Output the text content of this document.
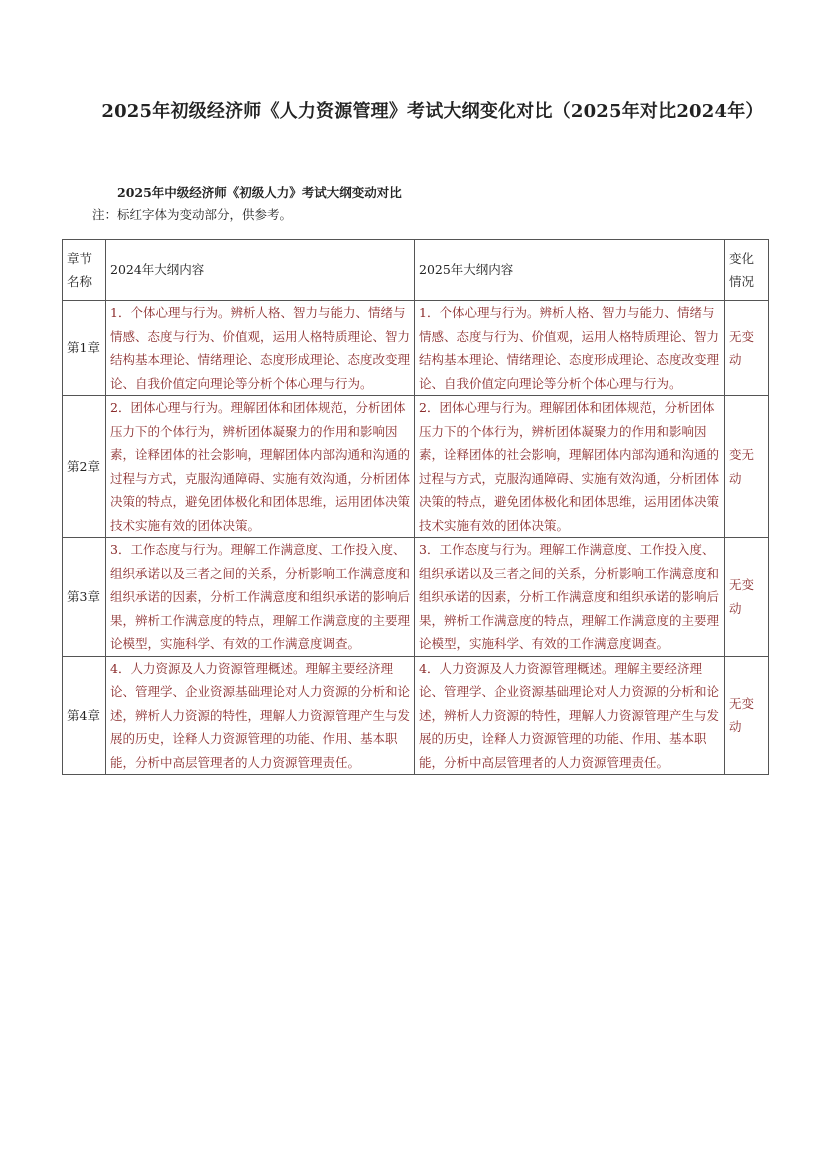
2025年初级经济师《人力资源管理》考试大纲变化对比（2025年对比2024年）
2025年中级经济师《初级人力》考试大纲变动对比
注：标红字体为变动部分，供参考。
章节名称	2024年大纲内容	2025年大纲内容	变化情况
第1章	1．个体心理与行为。辨析人格、智力与能力、情绪与情感、态度与行为、价值观，运用人格特质理论、智力结构基本理论、情绪理论、态度形成理论、态度改变理论、自我价值定向理论等分析个体心理与行为。	1．个体心理与行为。辨析人格、智力与能力、情绪与情感、态度与行为、价值观，运用人格特质理论、智力结构基本理论、情绪理论、态度形成理论、态度改变理论、自我价值定向理论等分析个体心理与行为。	无变动
第2章	2．团体心理与行为。理解团体和团体规范，分析团体压力下的个体行为，辨析团体凝聚力的作用和影响因素，诠释团体的社会影响，理解团体内部沟通和沟通的过程与方式，克服沟通障碍、实施有效沟通，分析团体决策的特点，避免团体极化和团体思维，运用团体决策技术实施有效的团体决策。	2．团体心理与行为。理解团体和团体规范，分析团体压力下的个体行为，辨析团体凝聚力的作用和影响因素，诠释团体的社会影响，理解团体内部沟通和沟通的过程与方式，克服沟通障碍、实施有效沟通，分析团体决策的特点，避免团体极化和团体思维，运用团体决策技术实施有效的团体决策。	变无动
第3章	3．工作态度与行为。理解工作满意度、工作投入度、组织承诺以及三者之间的关系，分析影响工作满意度和组织承诺的因素，分析工作满意度和组织承诺的影响后果，辨析工作满意度的特点，理解工作满意度的主要理论模型，实施科学、有效的工作满意度调查。	3．工作态度与行为。理解工作满意度、工作投入度、组织承诺以及三者之间的关系，分析影响工作满意度和组织承诺的因素，分析工作满意度和组织承诺的影响后果，辨析工作满意度的特点，理解工作满意度的主要理论模型，实施科学、有效的工作满意度调查。	无变动
第4章	4．人力资源及人力资源管理概述。理解主要经济理论、管理学、企业资源基础理论对人力资源的分析和论述，辨析人力资源的特性，理解人力资源管理产生与发展的历史，诠释人力资源管理的功能、作用、基本职能，分析中高层管理者的人力资源管理责任。	4．人力资源及人力资源管理概述。理解主要经济理论、管理学、企业资源基础理论对人力资源的分析和论述，辨析人力资源的特性，理解人力资源管理产生与发展的历史，诠释人力资源管理的功能、作用、基本职能，分析中高层管理者的人力资源管理责任。	无变动
